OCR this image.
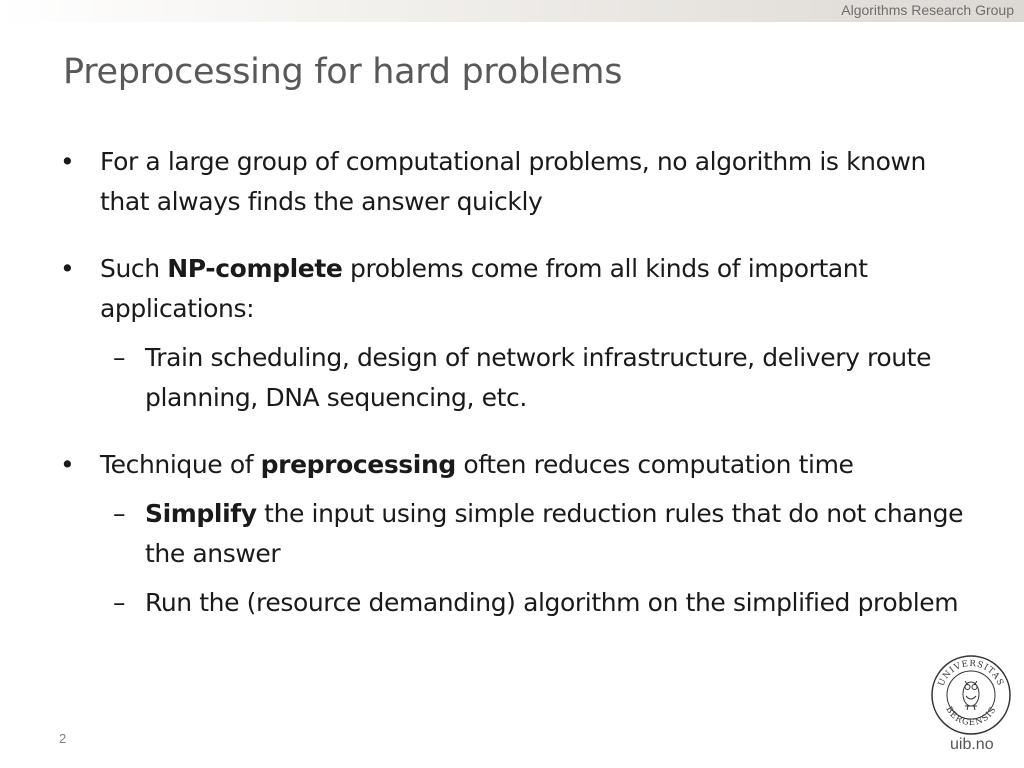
Algorithms Research Group
Preprocessing for hard problems
•	For a large group of computational problems, no algorithm is known that always finds the answer quickly
•	Such NP-complete problems come from all kinds of important applications:
– Train scheduling, design of network infrastructure, delivery route planning, DNA sequencing, etc.
•	Technique of preprocessing often reduces computation time
– Simplify the input using simple reduction rules that do not change the answer
– Run the (resource demanding) algorithm on the simplified problem
2
UNIVERSITAS
BERGENSIS
uib.no
